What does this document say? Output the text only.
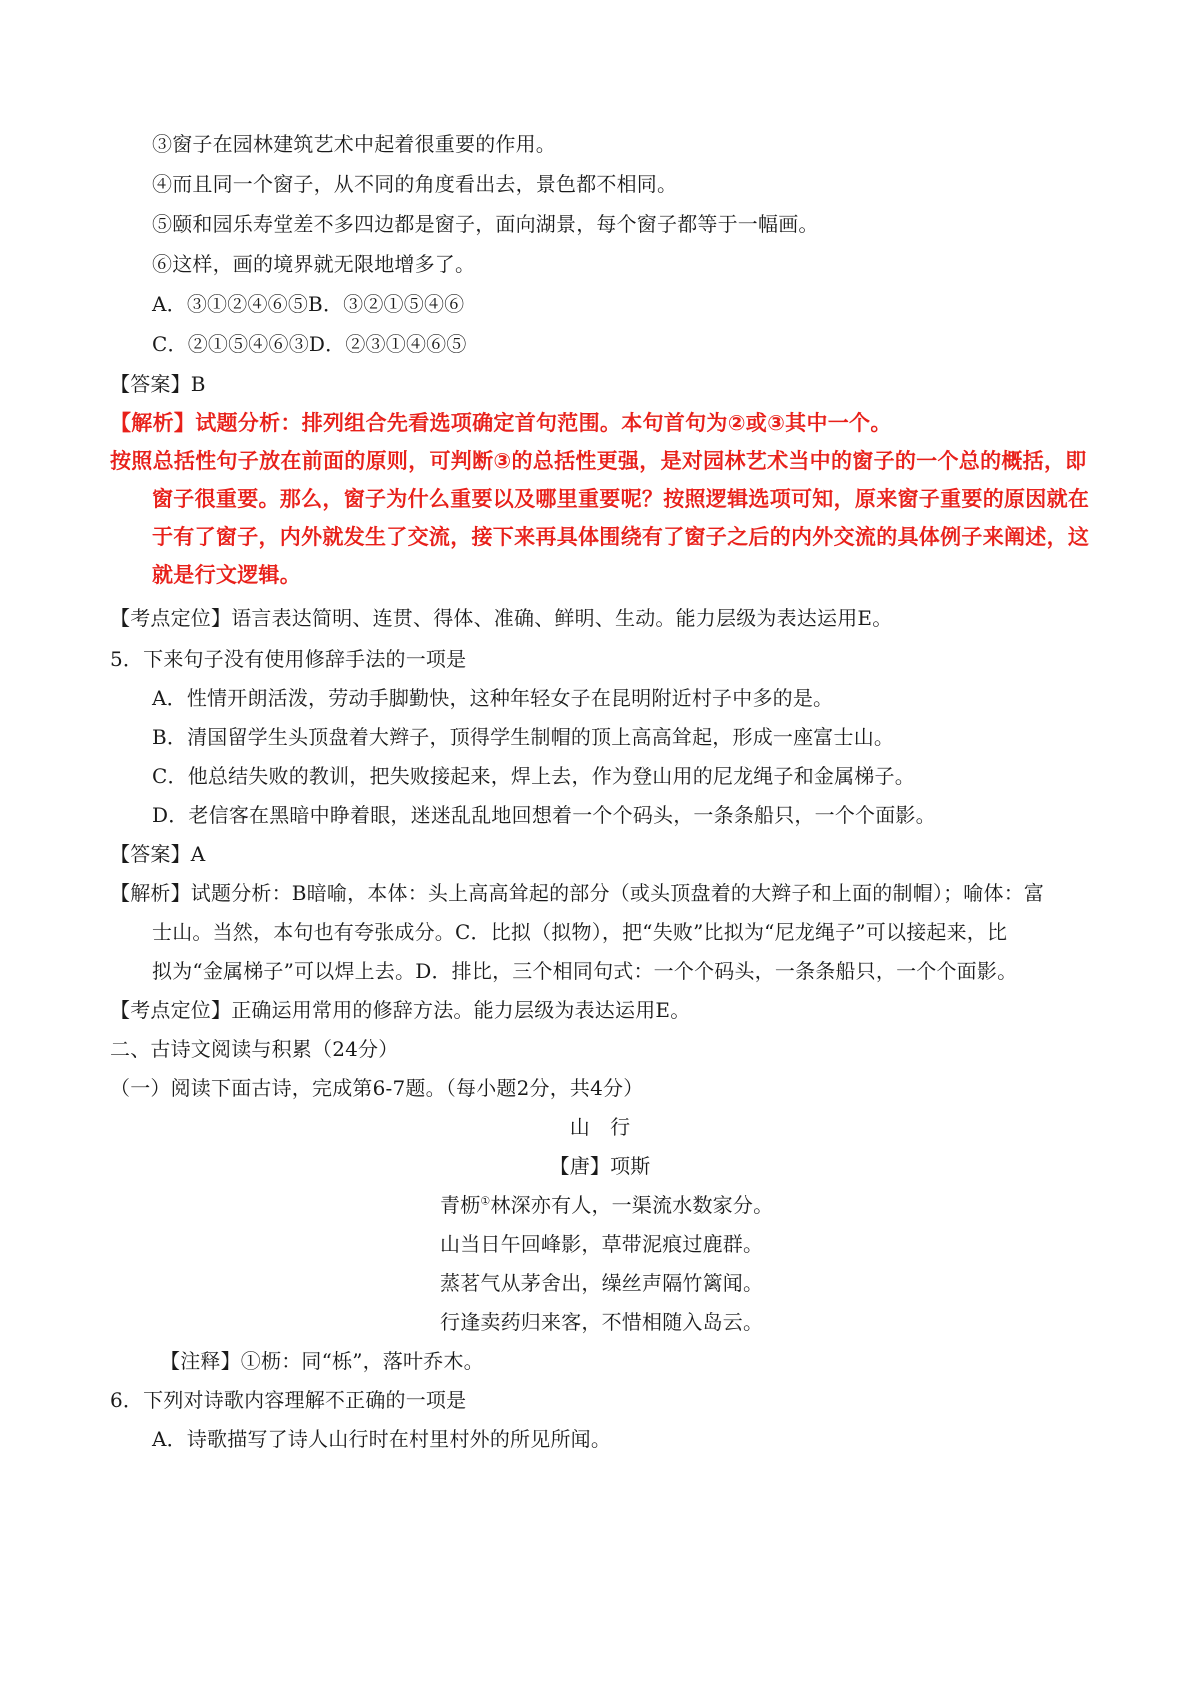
③窗子在园林建筑艺术中起着很重要的作用。
④而且同一个窗子，从不同的角度看出去，景色都不相同。
⑤颐和园乐寿堂差不多四边都是窗子，面向湖景，每个窗子都等于一幅画。
⑥这样，画的境界就无限地增多了。
A．③①②④⑥⑤B．③②①⑤④⑥
C．②①⑤④⑥③D．②③①④⑥⑤
【答案】B
【解析】试题分析：排列组合先看选项确定首句范围。本句首句为②或③其中一个。
按照总括性句子放在前面的原则，可判断③的总括性更强，是对园林艺术当中的窗子的一个总的概括，即
窗子很重要。那么，窗子为什么重要以及哪里重要呢？按照逻辑选项可知，原来窗子重要的原因就在
于有了窗子，内外就发生了交流，接下来再具体围绕有了窗子之后的内外交流的具体例子来阐述，这
就是行文逻辑。
【考点定位】语言表达简明、连贯、得体、准确、鲜明、生动。能力层级为表达运用E。
5．下来句子没有使用修辞手法的一项是
A．性情开朗活泼，劳动手脚勤快，这种年轻女子在昆明附近村子中多的是。
B．清国留学生头顶盘着大辫子，顶得学生制帽的顶上高高耸起，形成一座富士山。
C．他总结失败的教训，把失败接起来，焊上去，作为登山用的尼龙绳子和金属梯子。
D．老信客在黑暗中睁着眼，迷迷乱乱地回想着一个个码头，一条条船只，一个个面影。
【答案】A
【解析】试题分析：B暗喻，本体：头上高高耸起的部分（或头顶盘着的大辫子和上面的制帽）；喻体：富
士山。当然，本句也有夸张成分。C．比拟（拟物），把“失败”比拟为“尼龙绳子”可以接起来，比
拟为“金属梯子”可以焊上去。D．排比，三个相同句式：一个个码头，一条条船只，一个个面影。
【考点定位】正确运用常用的修辞方法。能力层级为表达运用E。
二、古诗文阅读与积累（24分）
（一）阅读下面古诗，完成第6-7题。（每小题2分，共4分）
山　行
【唐】项斯
青枥①林深亦有人，一渠流水数家分。
山当日午回峰影，草带泥痕过鹿群。
蒸茗气从茅舍出，缲丝声隔竹篱闻。
行逢卖药归来客，不惜相随入岛云。
【注释】①枥：同“栎”，落叶乔木。
6．下列对诗歌内容理解不正确的一项是
A．诗歌描写了诗人山行时在村里村外的所见所闻。
